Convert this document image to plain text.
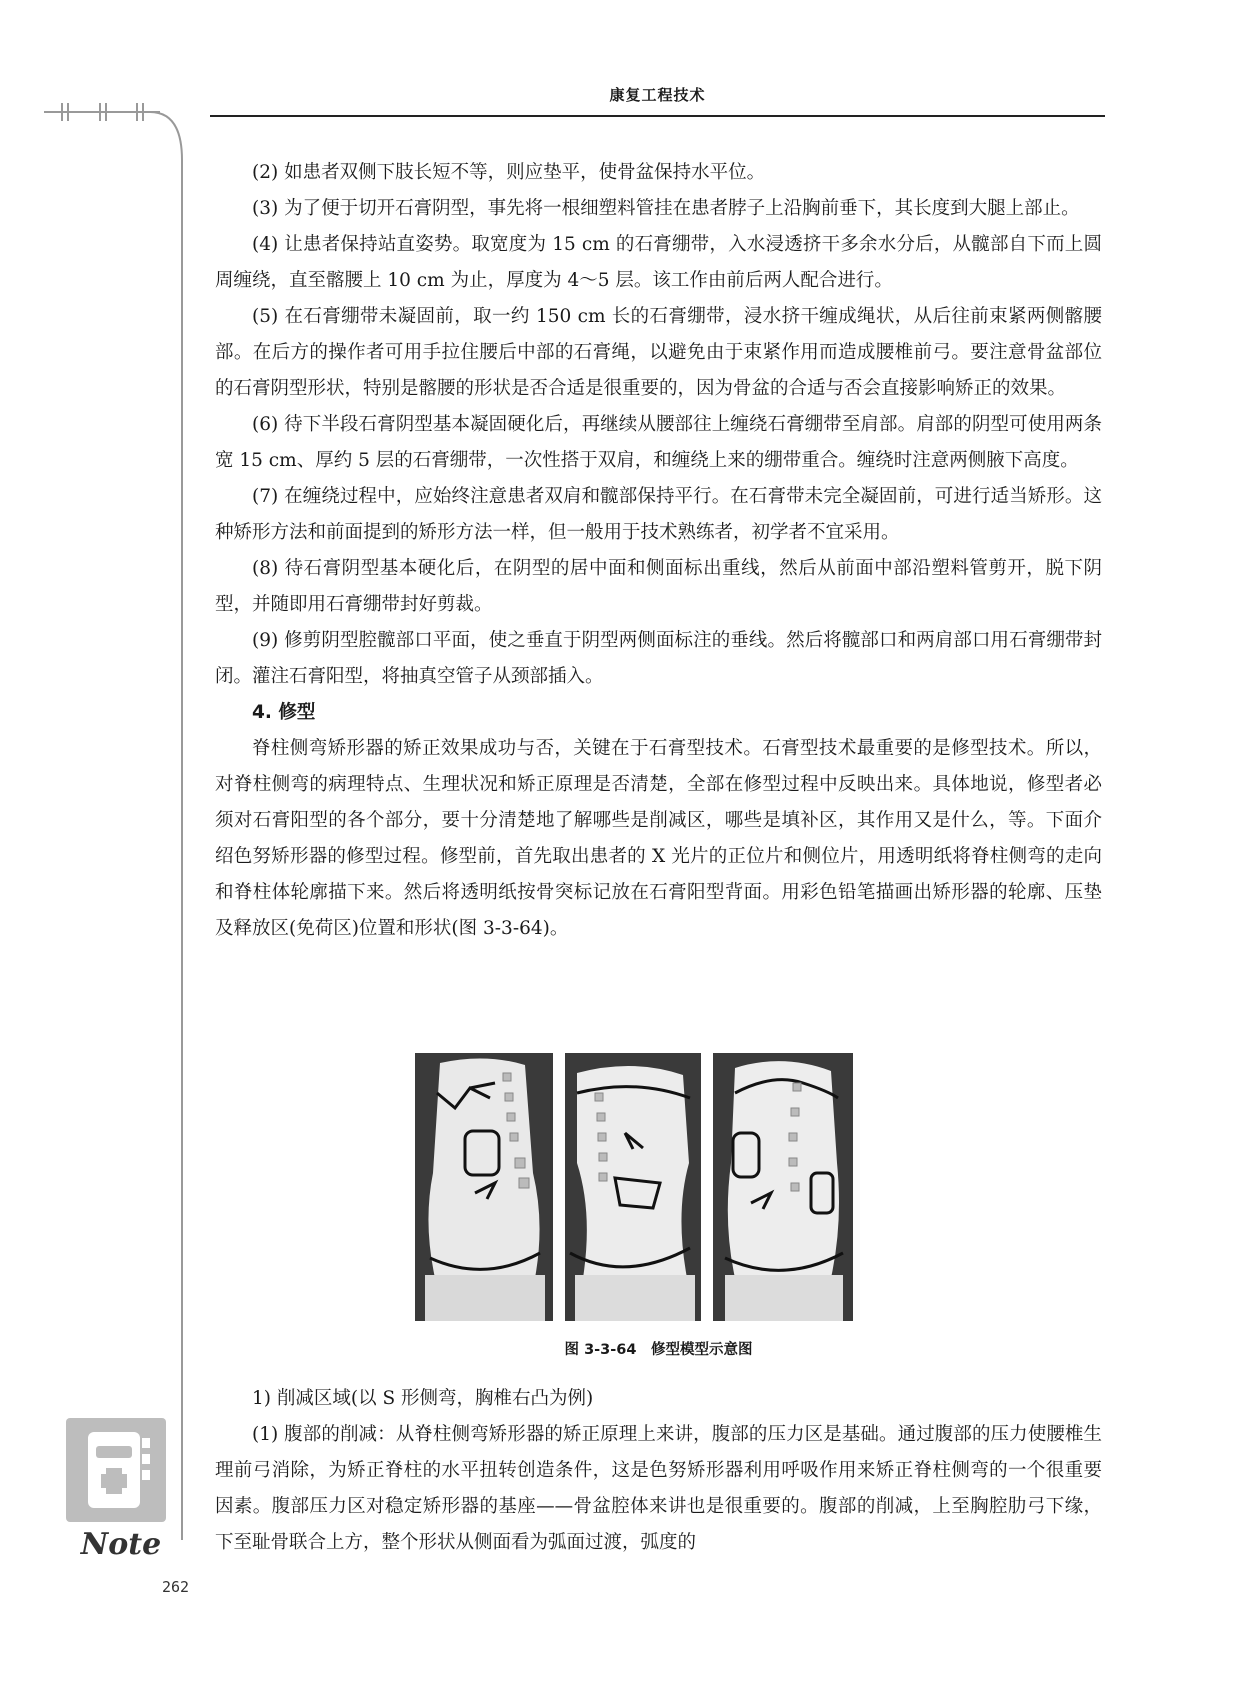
康复工程技术

(2) 如患者双侧下肢长短不等，则应垫平，使骨盆保持水平位。

(3) 为了便于切开石膏阴型，事先将一根细塑料管挂在患者脖子上沿胸前垂下，其长度到大腿上部止。

(4) 让患者保持站直姿势。取宽度为 15 cm 的石膏绷带，入水浸透挤干多余水分后，从髋部自下而上圆周缠绕，直至髂腰上 10 cm 为止，厚度为 4～5 层。该工作由前后两人配合进行。

(5) 在石膏绷带未凝固前，取一约 150 cm 长的石膏绷带，浸水挤干缠成绳状，从后往前束紧两侧髂腰部。在后方的操作者可用手拉住腰后中部的石膏绳，以避免由于束紧作用而造成腰椎前弓。要注意骨盆部位的石膏阴型形状，特别是髂腰的形状是否合适是很重要的，因为骨盆的合适与否会直接影响矫正的效果。

(6) 待下半段石膏阴型基本凝固硬化后，再继续从腰部往上缠绕石膏绷带至肩部。肩部的阴型可使用两条宽 15 cm、厚约 5 层的石膏绷带，一次性搭于双肩，和缠绕上来的绷带重合。缠绕时注意两侧腋下高度。

(7) 在缠绕过程中，应始终注意患者双肩和髋部保持平行。在石膏带未完全凝固前，可进行适当矫形。这种矫形方法和前面提到的矫形方法一样，但一般用于技术熟练者，初学者不宜采用。

(8) 待石膏阴型基本硬化后，在阴型的居中面和侧面标出重线，然后从前面中部沿塑料管剪开，脱下阴型，并随即用石膏绷带封好剪裁。

(9) 修剪阴型腔髋部口平面，使之垂直于阴型两侧面标注的垂线。然后将髋部口和两肩部口用石膏绷带封闭。灌注石膏阳型，将抽真空管子从颈部插入。

4. 修型

脊柱侧弯矫形器的矫正效果成功与否，关键在于石膏型技术。石膏型技术最重要的是修型技术。所以，对脊柱侧弯的病理特点、生理状况和矫正原理是否清楚，全部在修型过程中反映出来。具体地说，修型者必须对石膏阳型的各个部分，要十分清楚地了解哪些是削减区，哪些是填补区，其作用又是什么，等。下面介绍色努矫形器的修型过程。修型前，首先取出患者的 X 光片的正位片和侧位片，用透明纸将脊柱侧弯的走向和脊柱体轮廓描下来。然后将透明纸按骨突标记放在石膏阳型背面。用彩色铅笔描画出矫形器的轮廓、压垫及释放区(免荷区)位置和形状(图 3-3-64)。

图 3-3-64　修型模型示意图

1) 削减区域(以 S 形侧弯，胸椎右凸为例)

(1) 腹部的削减：从脊柱侧弯矫形器的矫正原理上来讲，腹部的压力区是基础。通过腹部的压力使腰椎生理前弓消除，为矫正脊柱的水平扭转创造条件，这是色努矫形器利用呼吸作用来矫正脊柱侧弯的一个很重要因素。腹部压力区对稳定矫形器的基座——骨盆腔体来讲也是很重要的。腹部的削减，上至胸腔肋弓下缘，下至耻骨联合上方，整个形状从侧面看为弧面过渡，弧度的

Note
262
